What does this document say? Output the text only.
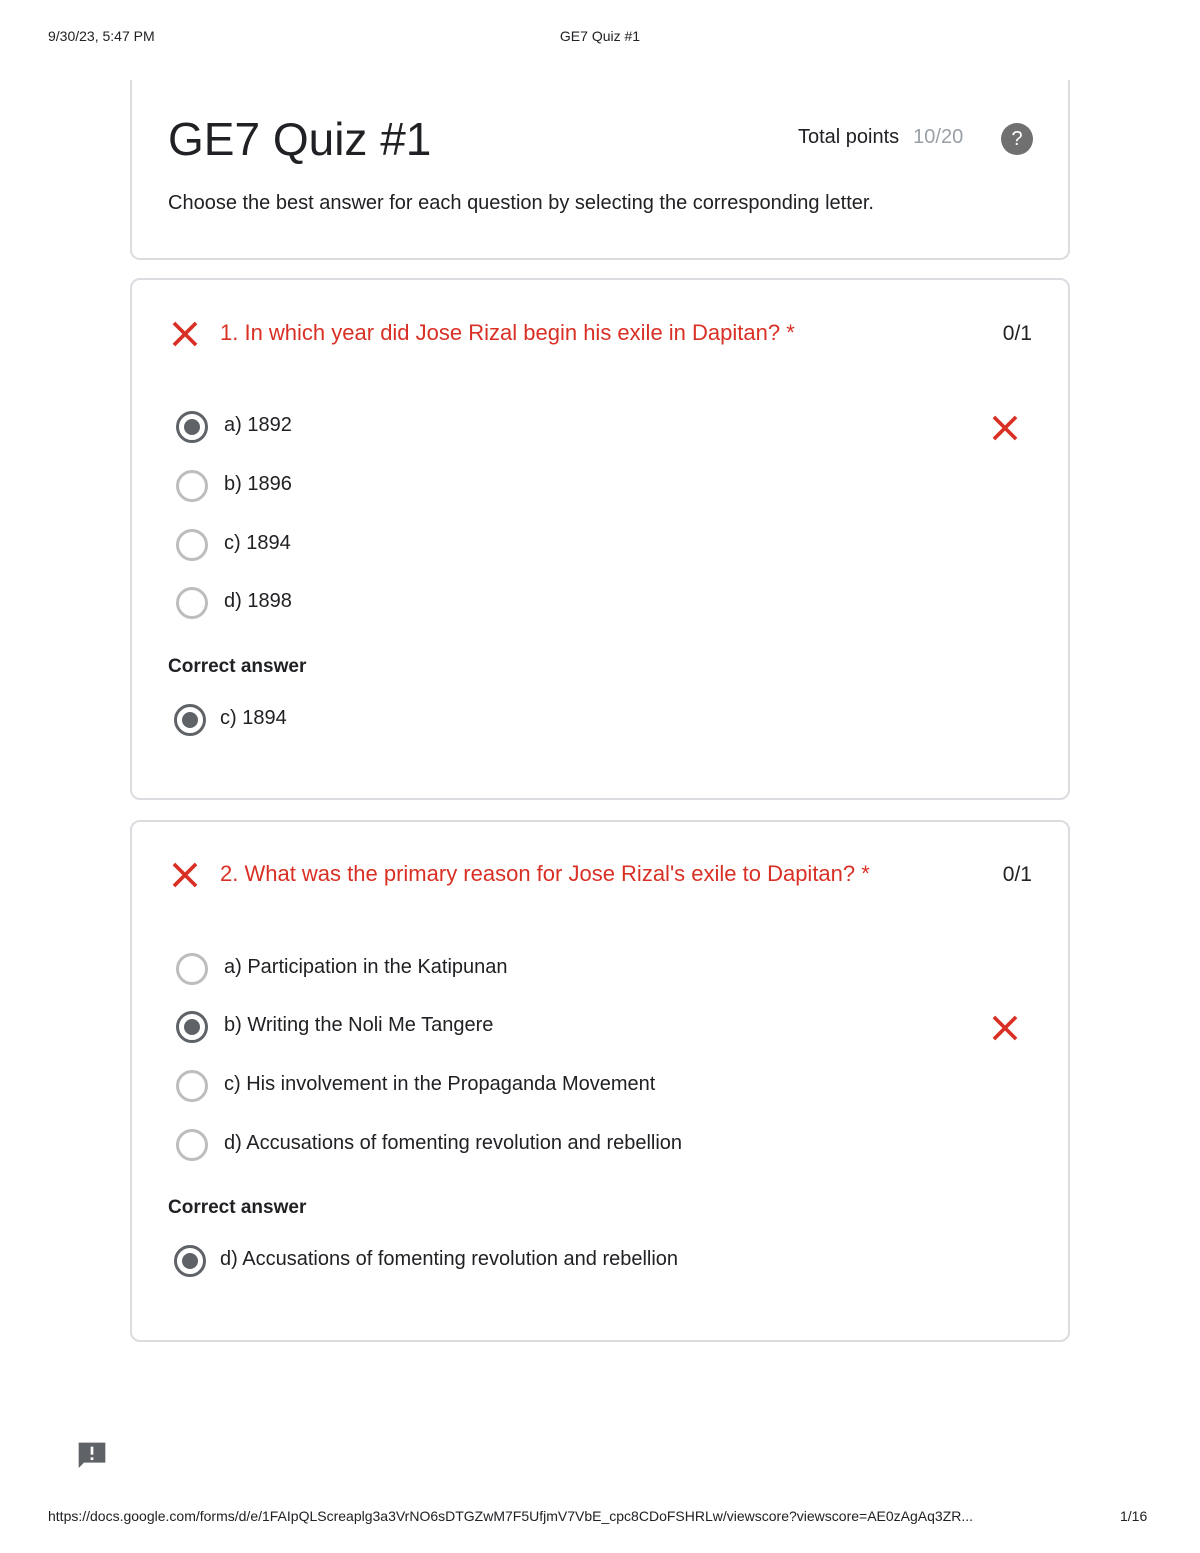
9/30/23, 5:47 PM	GE7 Quiz #1
GE7 Quiz #1	Total points 10/20	?
Choose the best answer for each question by selecting the corresponding letter.
1. In which year did Jose Rizal begin his exile in Dapitan? *	0/1
a) 1892
b) 1896
c) 1894
d) 1898
Correct answer
c) 1894
2. What was the primary reason for Jose Rizal's exile to Dapitan? *	0/1
a) Participation in the Katipunan
b) Writing the Noli Me Tangere
c) His involvement in the Propaganda Movement
d) Accusations of fomenting revolution and rebellion
Correct answer
d) Accusations of fomenting revolution and rebellion
https://docs.google.com/forms/d/e/1FAIpQLScreaplg3a3VrNO6sDTGZwM7F5UfjmV7VbE_cpc8CDoFSHRLw/viewscore?viewscore=AE0zAgAq3ZR...	1/16
